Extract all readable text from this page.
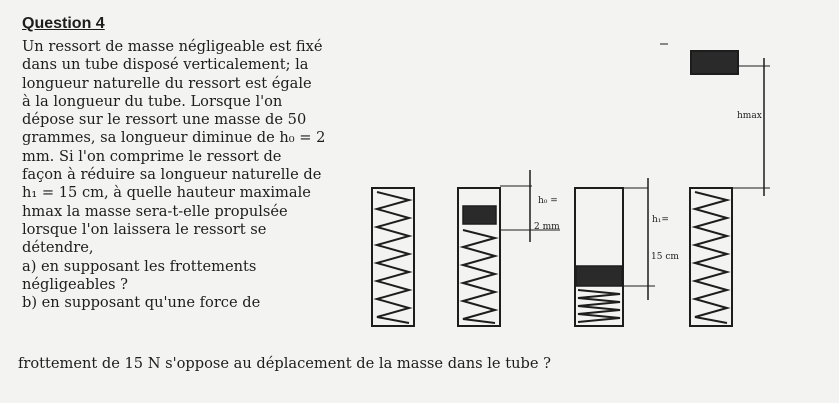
Question 4
Un ressort de masse négligeable est fixé
dans un tube disposé verticalement; la
longueur naturelle du ressort est égale
à la longueur du tube. Lorsque l'on
dépose sur le ressort une masse de 50
grammes, sa longueur diminue de h₀ = 2
mm. Si l'on comprime le ressort de
façon à réduire sa longueur naturelle de
h₁ = 15 cm, à quelle hauteur maximale
hmax la masse sera-t-elle propulsée
lorsque l'on laissera le ressort se
détendre,
a) en supposant les frottements
négligeables ?
b) en supposant qu'une force de
frottement de 15 N s'oppose au déplacement de la masse dans le tube ?
h₀ =
2 mm
h₁=
15 cm
hmax
